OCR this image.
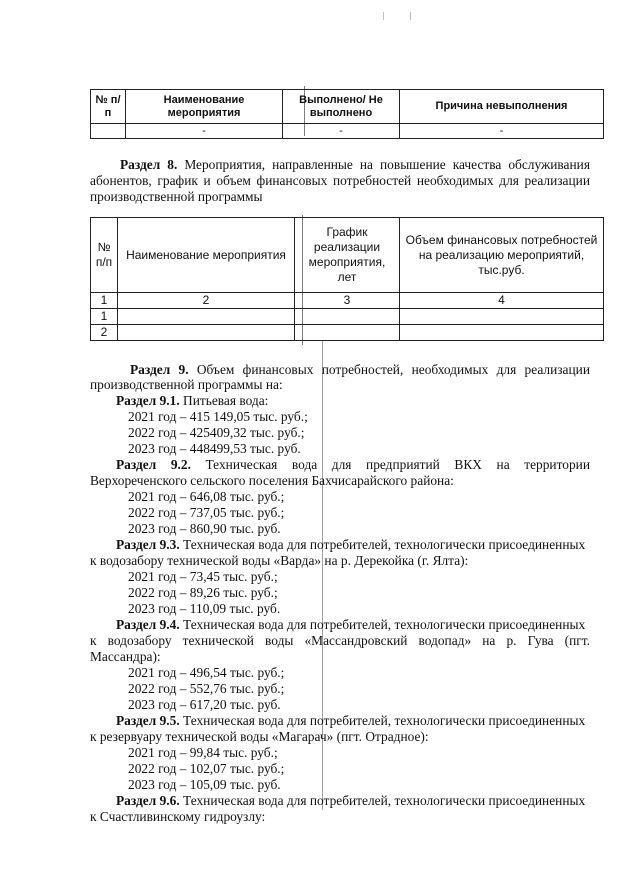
№ п/п	Наименование мероприятия	Выполнено/ Не выполнено	Причина невыполнения
	-	-	-
Раздел 8. Мероприятия, направленные на повышение качества обслуживания
абонентов, график и объем финансовых потребностей необходимых для реализации
производственной программы
№ п/п	Наименование мероприятия	График реализации мероприятия, лет	Объем финансовых потребностей на реализацию мероприятий, тыс.руб.
1	2	3	4
1			
2			
Раздел 9. Объем финансовых потребностей, необходимых для реализации
производственной программы на:
Раздел 9.1. Питьевая вода:
2021 год – 415 149,05 тыс. руб.;
2022 год – 425409,32 тыс. руб.;
2023 год – 448499,53 тыс. руб.
Раздел 9.2. Техническая вода для предприятий ВКХ на территории
Верхореченского сельского поселения Бахчисарайского района:
2021 год – 646,08 тыс. руб.;
2022 год – 737,05 тыс. руб.;
2023 год – 860,90 тыс. руб.
Раздел 9.3. Техническая вода для потребителей, технологически присоединенных
к водозабору технической воды «Варда» на р. Дерекойка (г. Ялта):
2021 год – 73,45 тыс. руб.;
2022 год – 89,26 тыс. руб.;
2023 год – 110,09 тыс. руб.
Раздел 9.4. Техническая вода для потребителей, технологически присоединенных
к водозабору технической воды «Массандровский водопад» на р. Гува (пгт.
Массандра):
2021 год – 496,54 тыс. руб.;
2022 год – 552,76 тыс. руб.;
2023 год – 617,20 тыс. руб.
Раздел 9.5. Техническая вода для потребителей, технологически присоединенных
к резервуару технической воды «Магарач» (пгт. Отрадное):
2021 год – 99,84 тыс. руб.;
2022 год – 102,07 тыс. руб.;
2023 год – 105,09 тыс. руб.
Раздел 9.6. Техническая вода для потребителей, технологически присоединенных
к Счастливинскому гидроузлу:
